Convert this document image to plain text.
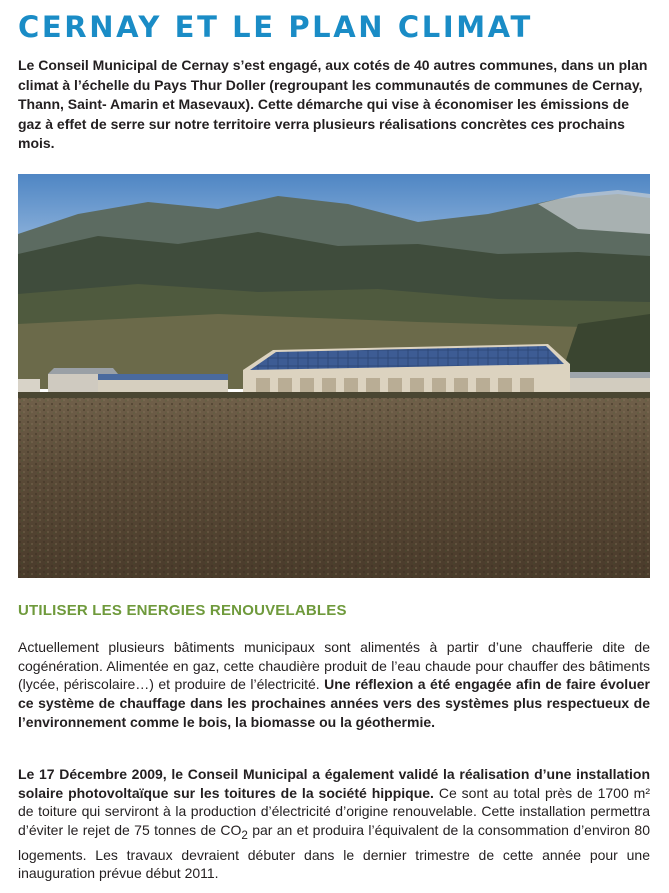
CERNAY ET LE PLAN CLIMAT

Le Conseil Municipal de Cernay s’est engagé, aux cotés de 40 autres communes, dans un plan climat à l’échelle du Pays Thur Doller (regroupant les communautés de communes de Cernay, Thann, Saint- Amarin et Masevaux). Cette démarche qui vise à économiser les émissions de gaz à effet de serre sur notre territoire verra plusieurs réalisations concrètes ces prochains mois.

UTILISER LES ENERGIES RENOUVELABLES

Actuellement plusieurs bâtiments municipaux sont alimentés à partir d’une chaufferie dite de cogénération. Alimentée en gaz, cette chaudière produit de l’eau chaude pour chauffer des bâtiments (lycée, périscolaire…) et produire de l’électricité. Une réflexion a été engagée afin de faire évoluer ce système de chauffage dans les prochaines années vers des systèmes plus respectueux de l’environnement comme le bois, la biomasse ou la géothermie.

Le 17 Décembre 2009, le Conseil Municipal a également validé la réalisation d’une installation solaire photovoltaïque sur les toitures de la société hippique. Ce sont au total près de 1700 m² de toiture qui serviront à la production d’électricité d’origine renouvelable. Cette installation permettra d’éviter le rejet de 75 tonnes de $CO_2$ par an et produira l’équivalent de la consommation d’environ 80 logements. Les travaux devraient débuter dans le dernier trimestre de cette année pour une inauguration prévue début 2011.
